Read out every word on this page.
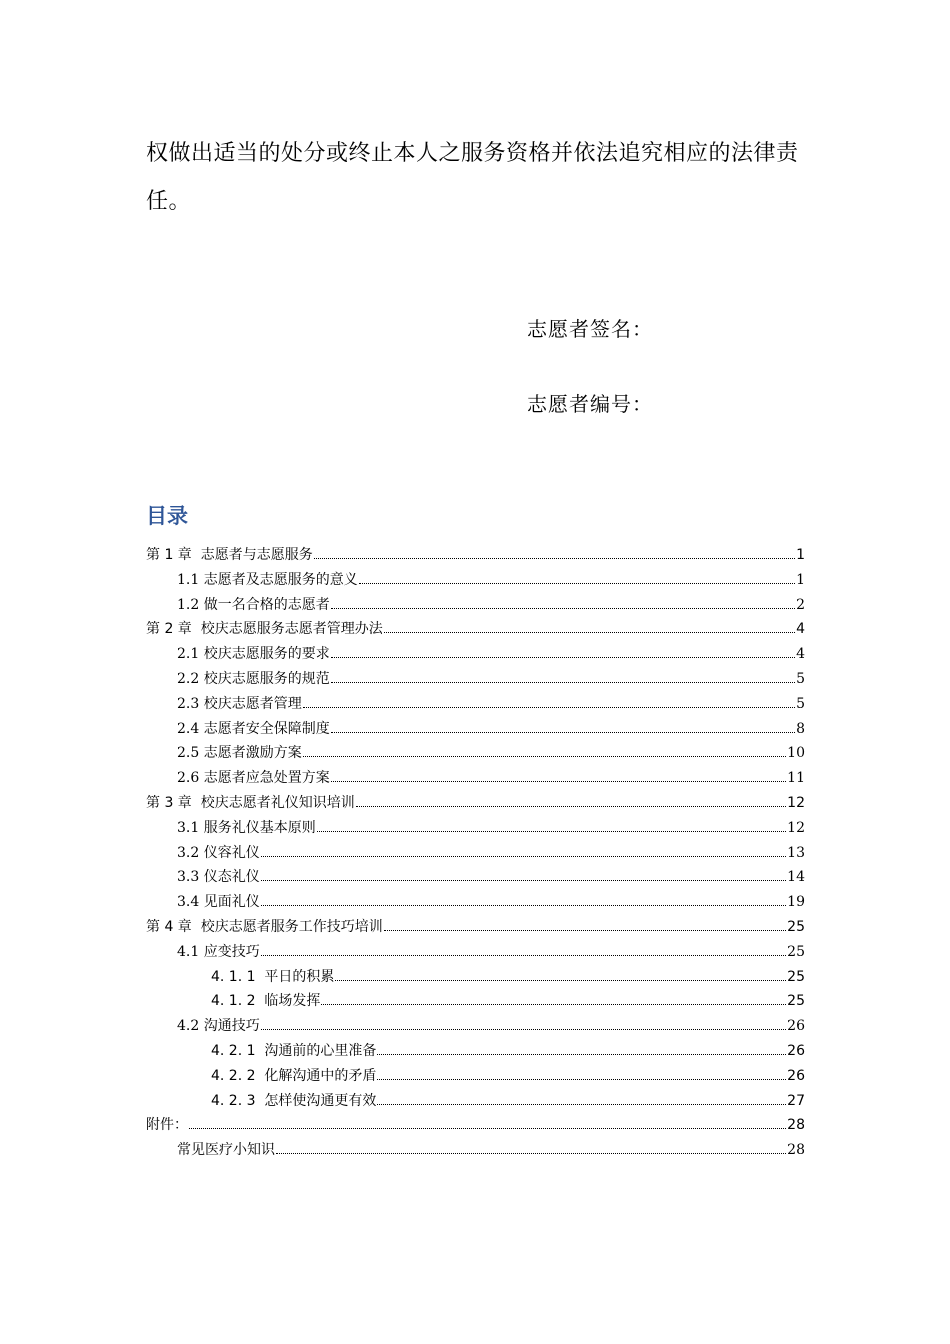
权做出适当的处分或终止本人之服务资格并依法追究相应的法律责
任。
志愿者签名：
志愿者编号：
目录
第 1 章  志愿者与志愿服务	1
1.1 志愿者及志愿服务的意义	1
1.2 做一名合格的志愿者	2
第 2 章  校庆志愿服务志愿者管理办法	4
2.1 校庆志愿服务的要求	4
2.2 校庆志愿服务的规范	5
2.3 校庆志愿者管理	5
2.4 志愿者安全保障制度	8
2.5 志愿者激励方案	10
2.6 志愿者应急处置方案	11
第 3 章  校庆志愿者礼仪知识培训	12
3.1 服务礼仪基本原则	12
3.2 仪容礼仪	13
3.3 仪态礼仪	14
3.4 见面礼仪	19
第 4 章  校庆志愿者服务工作技巧培训	25
4.1 应变技巧	25
4. 1. 1  平日的积累	25
4. 1. 2  临场发挥	25
4.2 沟通技巧	26
4. 2. 1  沟通前的心里准备	26
4. 2. 2  化解沟通中的矛盾	26
4. 2. 3  怎样使沟通更有效	27
附件：	28
常见医疗小知识	28
